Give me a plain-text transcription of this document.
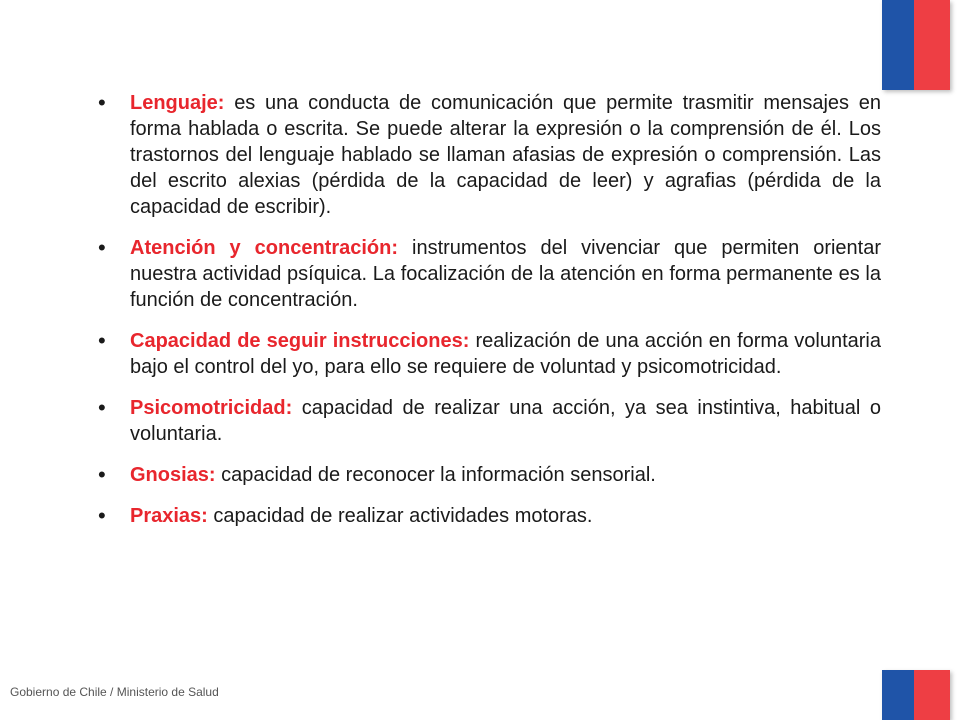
•	Lenguaje: es una conducta de comunicación que permite trasmitir mensajes en forma hablada o escrita. Se puede alterar la expresión o la comprensión de él. Los trastornos del lenguaje hablado se llaman afasias de expresión o comprensión. Las del escrito alexias (pérdida de la capacidad de leer) y agrafias (pérdida de la capacidad de escribir).
•	Atención y concentración: instrumentos del vivenciar que permiten orientar nuestra actividad psíquica. La focalización de la atención en forma permanente es la función de concentración.
•	Capacidad de seguir instrucciones: realización de una acción en forma voluntaria bajo el control del yo, para ello se requiere de voluntad y psicomotricidad.
•	Psicomotricidad: capacidad de realizar una acción, ya sea instintiva, habitual o voluntaria.
•	Gnosias: capacidad de reconocer la información sensorial.
•	Praxias: capacidad de realizar actividades motoras.
Gobierno de Chile / Ministerio de Salud
